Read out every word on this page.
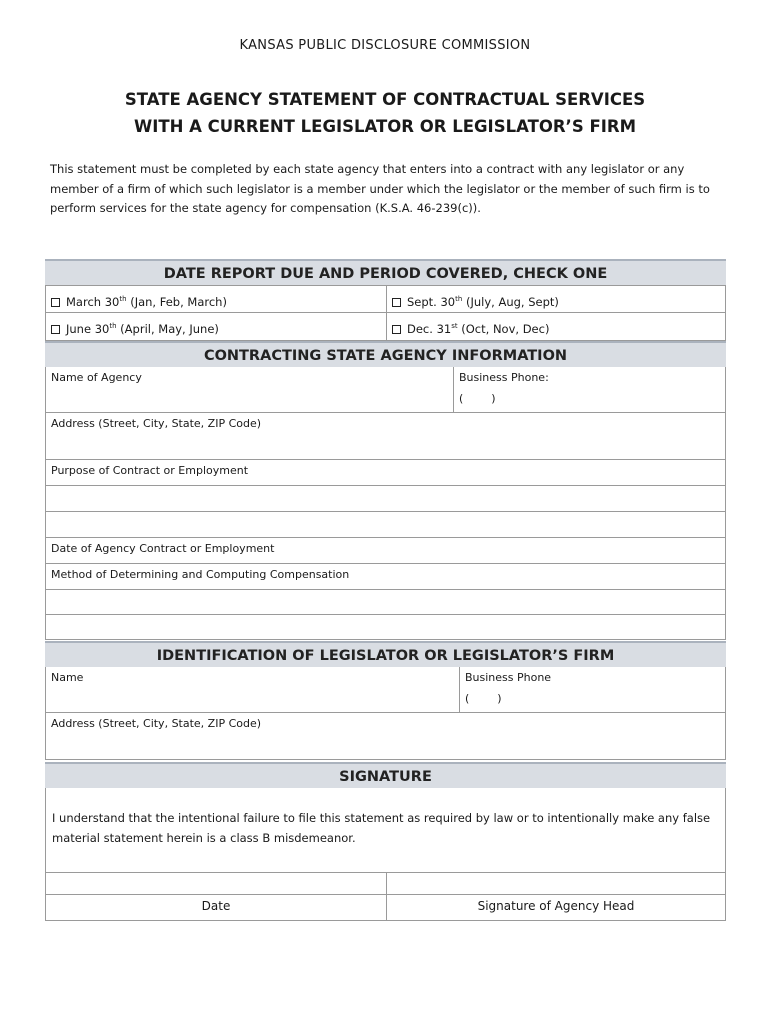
KANSAS PUBLIC DISCLOSURE COMMISSION
STATE AGENCY STATEMENT OF CONTRACTUAL SERVICES
WITH A CURRENT LEGISLATOR OR LEGISLATOR’S FIRM
This statement must be completed by each state agency that enters into a contract with any legislator or any member of a firm of which such legislator is a member under which the legislator or the member of such firm is to perform services for the state agency for compensation (K.S.A. 46-239(c)).
DATE REPORT DUE AND PERIOD COVERED, CHECK ONE
March 30th (Jan, Feb, March)	Sept. 30th (July, Aug, Sept)
June 30th (April, May, June)	Dec. 31st (Oct, Nov, Dec)
CONTRACTING STATE AGENCY INFORMATION
Name of Agency	Business Phone:
(        )
Address (Street, City, State, ZIP Code)
Purpose of Contract or Employment
Date of Agency Contract or Employment
Method of Determining and Computing Compensation
IDENTIFICATION OF LEGISLATOR OR LEGISLATOR’S FIRM
Name	Business Phone
(        )
Address (Street, City, State, ZIP Code)
SIGNATURE
I understand that the intentional failure to file this statement as required by law or to intentionally make any false material statement herein is a class B misdemeanor.
Date	Signature of Agency Head
